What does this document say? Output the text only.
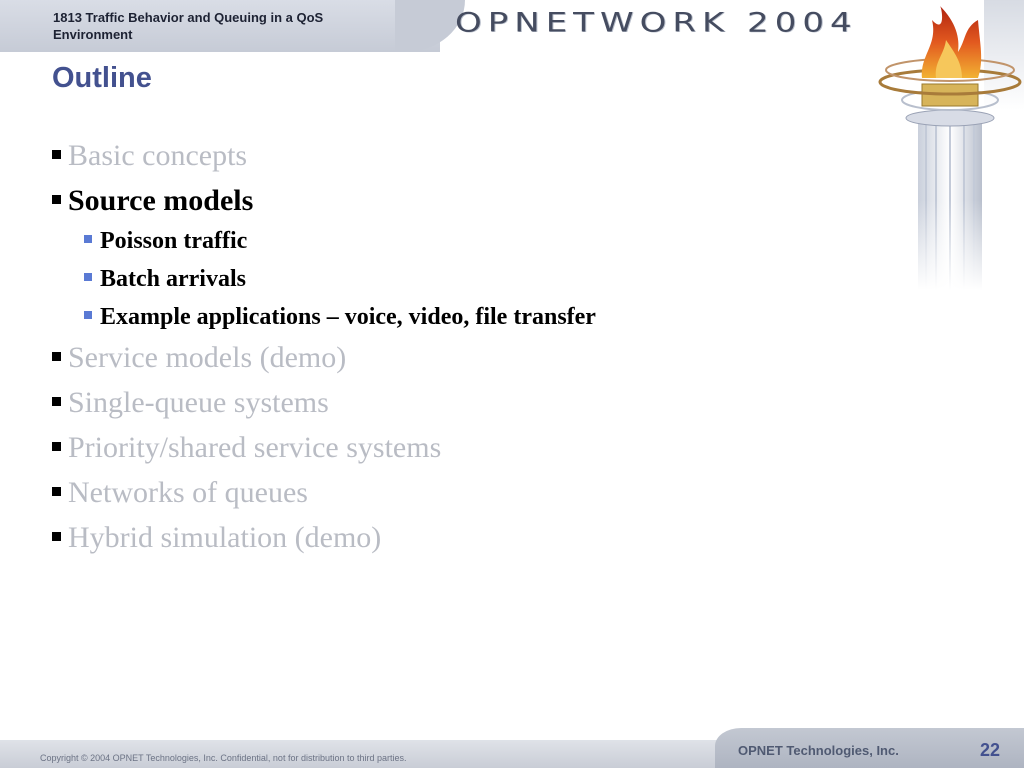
1813 Traffic Behavior and Queuing in a QoS Environment	OPNETWORK 2004
Outline
Basic concepts
Source models
Poisson traffic
Batch arrivals
Example applications – voice, video, file transfer
Service models (demo)
Single-queue systems
Priority/shared service systems
Networks of queues
Hybrid simulation (demo)
Copyright © 2004 OPNET Technologies, Inc. Confidential, not for distribution to third parties.	OPNET Technologies, Inc.	22
